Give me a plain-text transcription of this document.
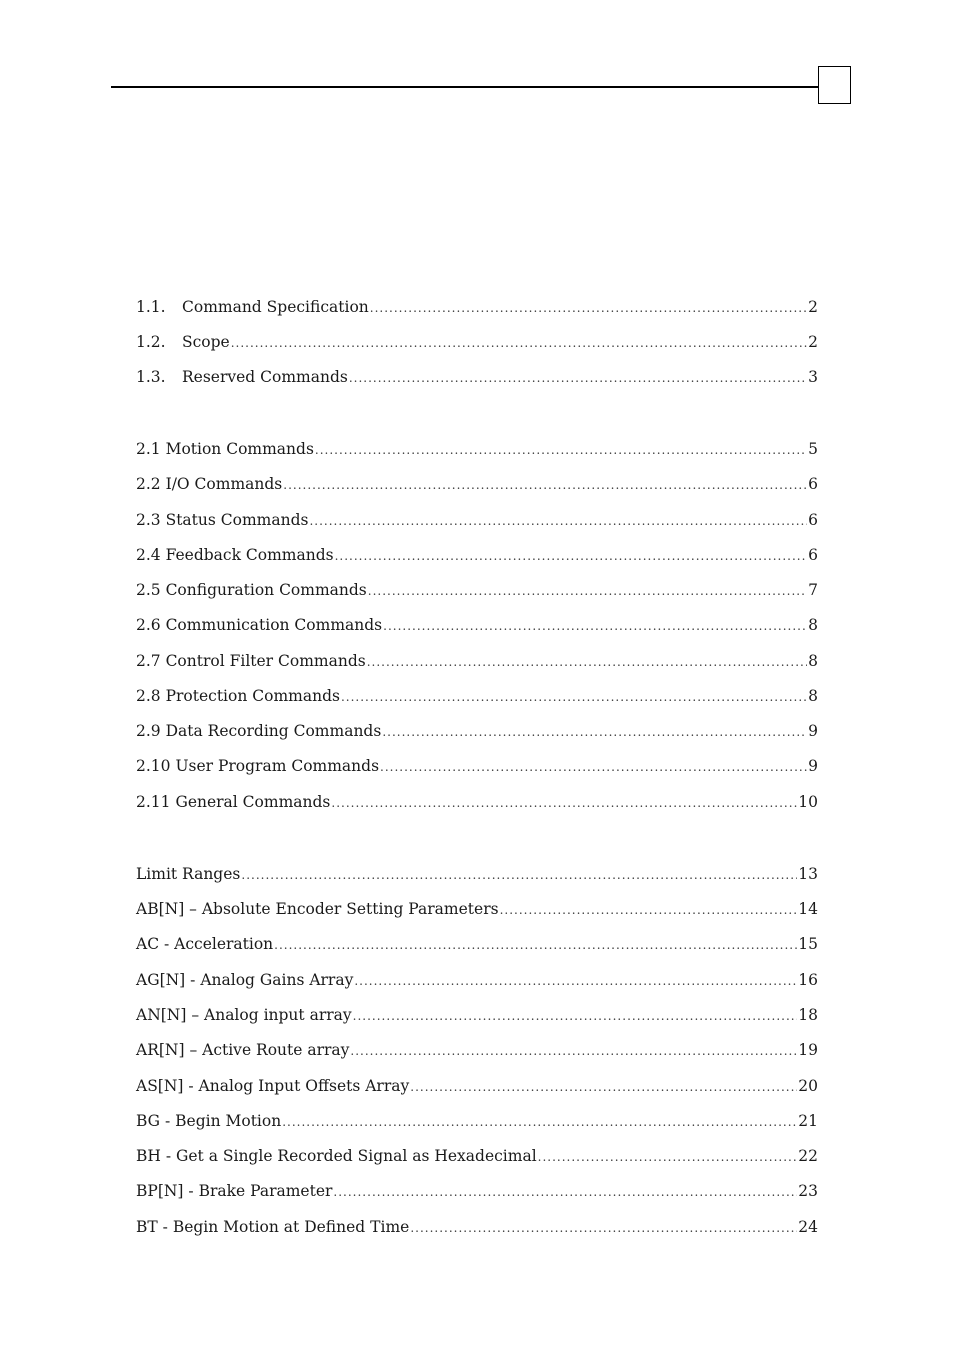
1.1.	Command Specification .....	2
1.2.	Scope .....	2
1.3.	Reserved Commands .....	3
2.1 Motion Commands .....	5
2.2 I/O Commands .....	6
2.3 Status Commands .....	6
2.4 Feedback Commands .....	6
2.5 Configuration Commands .....	7
2.6 Communication Commands .....	8
2.7 Control Filter Commands .....	8
2.8 Protection Commands .....	8
2.9 Data Recording Commands .....	9
2.10 User Program Commands .....	9
2.11 General Commands .....	10
Limit Ranges .....	13
AB[N] – Absolute Encoder Setting Parameters .....	14
AC - Acceleration .....	15
AG[N] - Analog Gains Array .....	16
AN[N] – Analog input array .....	18
AR[N] – Active Route array .....	19
AS[N] - Analog Input Offsets Array .....	20
BG - Begin Motion .....	21
BH - Get a Single Recorded Signal as Hexadecimal .....	22
BP[N] - Brake Parameter .....	23
BT - Begin Motion at Defined Time .....	24
